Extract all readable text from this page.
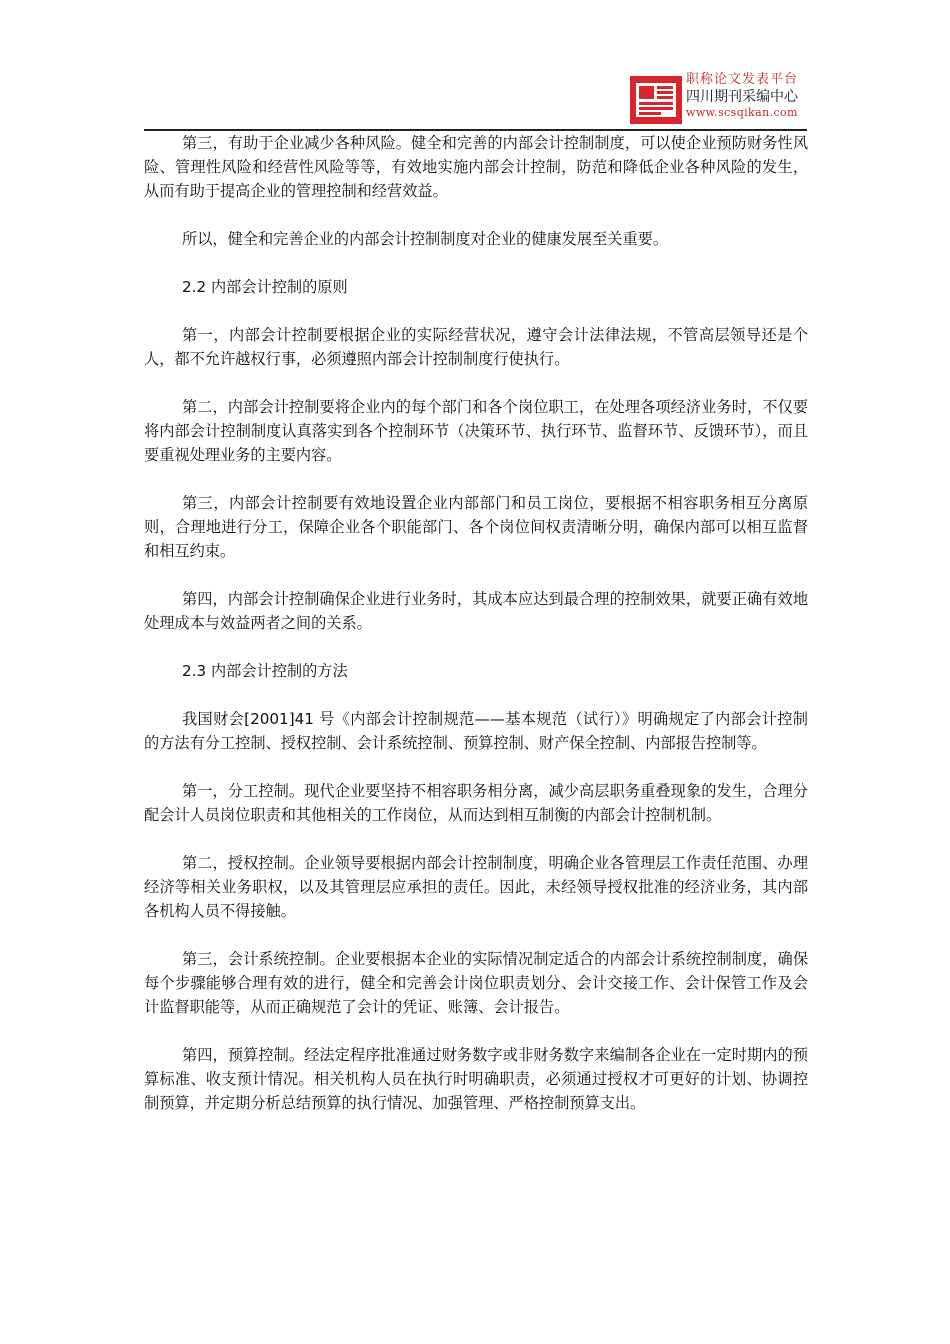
职称论文发表平台
四川期刊采编中心
www.scsqikan.com

第三，有助于企业减少各种风险。健全和完善的内部会计控制制度，可以使企业预防财务性风险、管理性风险和经营性风险等等，有效地实施内部会计控制，防范和降低企业各种风险的发生，从而有助于提高企业的管理控制和经营效益。

所以，健全和完善企业的内部会计控制制度对企业的健康发展至关重要。

2.2 内部会计控制的原则

第一，内部会计控制要根据企业的实际经营状况，遵守会计法律法规，不管高层领导还是个人，都不允许越权行事，必须遵照内部会计控制制度行使执行。

第二，内部会计控制要将企业内的每个部门和各个岗位职工，在处理各项经济业务时，不仅要将内部会计控制制度认真落实到各个控制环节（决策环节、执行环节、监督环节、反馈环节），而且要重视处理业务的主要内容。

第三，内部会计控制要有效地设置企业内部部门和员工岗位，要根据不相容职务相互分离原则，合理地进行分工，保障企业各个职能部门、各个岗位间权责清晰分明，确保内部可以相互监督和相互约束。

第四，内部会计控制确保企业进行业务时，其成本应达到最合理的控制效果，就要正确有效地处理成本与效益两者之间的关系。

2.3 内部会计控制的方法

我国财会[2001]41 号《内部会计控制规范——基本规范（试行）》明确规定了内部会计控制的方法有分工控制、授权控制、会计系统控制、预算控制、财产保全控制、内部报告控制等。

第一，分工控制。现代企业要坚持不相容职务相分离，减少高层职务重叠现象的发生，合理分配会计人员岗位职责和其他相关的工作岗位，从而达到相互制衡的内部会计控制机制。

第二，授权控制。企业领导要根据内部会计控制制度，明确企业各管理层工作责任范围、办理经济等相关业务职权，以及其管理层应承担的责任。因此，未经领导授权批准的经济业务，其内部各机构人员不得接触。

第三，会计系统控制。企业要根据本企业的实际情况制定适合的内部会计系统控制制度，确保每个步骤能够合理有效的进行，健全和完善会计岗位职责划分、会计交接工作、会计保管工作及会计监督职能等，从而正确规范了会计的凭证、账簿、会计报告。

第四，预算控制。经法定程序批准通过财务数字或非财务数字来编制各企业在一定时期内的预算标准、收支预计情况。相关机构人员在执行时明确职责，必须通过授权才可更好的计划、协调控制预算，并定期分析总结预算的执行情况、加强管理、严格控制预算支出。
